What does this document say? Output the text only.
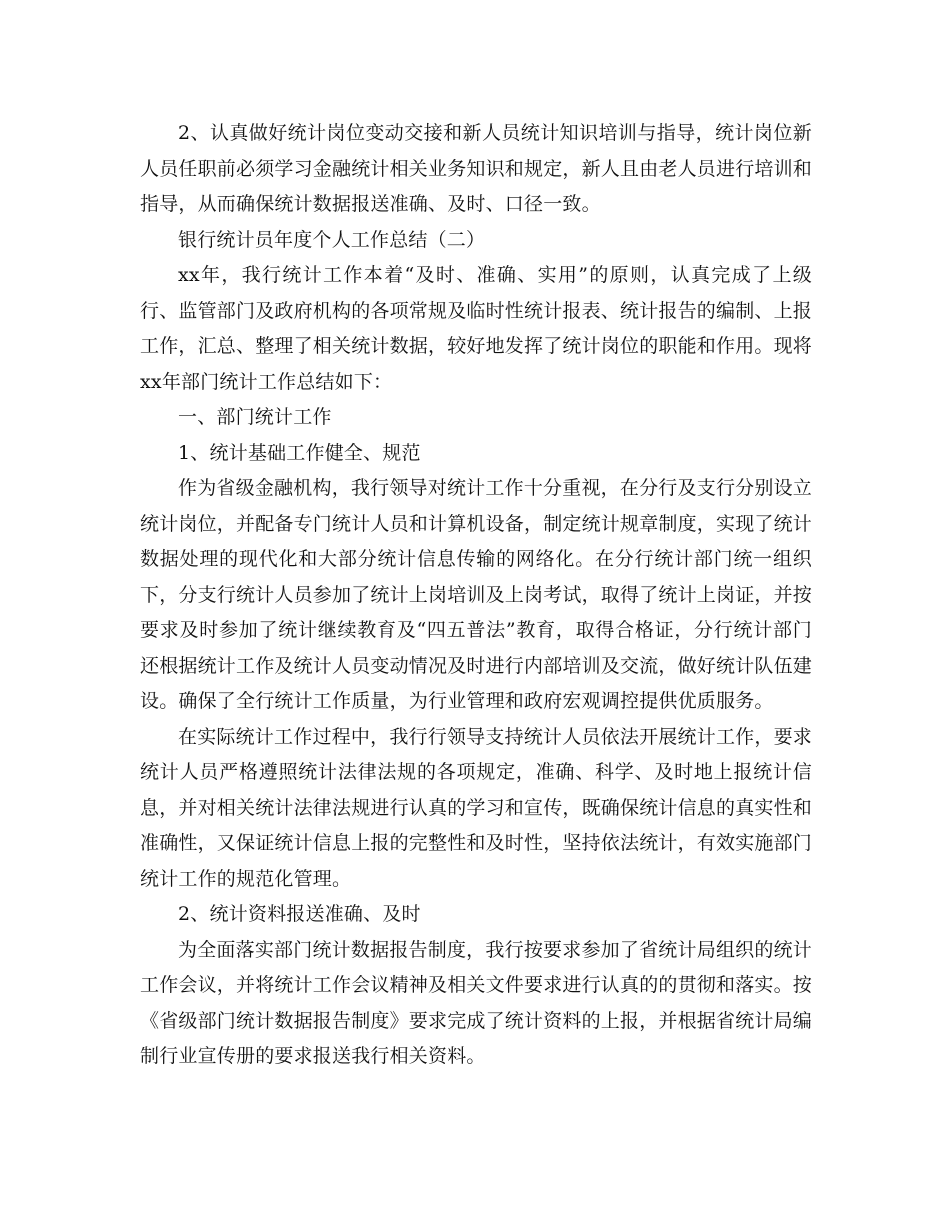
2、认真做好统计岗位变动交接和新人员统计知识培训与指导，统计岗位新人员任职前必须学习金融统计相关业务知识和规定，新人且由老人员进行培训和指导，从而确保统计数据报送准确、及时、口径一致。

银行统计员年度个人工作总结（二）

xx年，我行统计工作本着“及时、准确、实用”的原则，认真完成了上级行、监管部门及政府机构的各项常规及临时性统计报表、统计报告的编制、上报工作，汇总、整理了相关统计数据，较好地发挥了统计岗位的职能和作用。现将xx年部门统计工作总结如下：

一、部门统计工作

1、统计基础工作健全、规范

作为省级金融机构，我行领导对统计工作十分重视，在分行及支行分别设立统计岗位，并配备专门统计人员和计算机设备，制定统计规章制度，实现了统计数据处理的现代化和大部分统计信息传输的网络化。在分行统计部门统一组织下，分支行统计人员参加了统计上岗培训及上岗考试，取得了统计上岗证，并按要求及时参加了统计继续教育及“四五普法”教育，取得合格证，分行统计部门还根据统计工作及统计人员变动情况及时进行内部培训及交流，做好统计队伍建设。确保了全行统计工作质量，为行业管理和政府宏观调控提供优质服务。

在实际统计工作过程中，我行行领导支持统计人员依法开展统计工作，要求统计人员严格遵照统计法律法规的各项规定，准确、科学、及时地上报统计信息，并对相关统计法律法规进行认真的学习和宣传，既确保统计信息的真实性和准确性，又保证统计信息上报的完整性和及时性，坚持依法统计，有效实施部门统计工作的规范化管理。

2、统计资料报送准确、及时

为全面落实部门统计数据报告制度，我行按要求参加了省统计局组织的统计工作会议，并将统计工作会议精神及相关文件要求进行认真的的贯彻和落实。按《省级部门统计数据报告制度》要求完成了统计资料的上报，并根据省统计局编制行业宣传册的要求报送我行相关资料。
